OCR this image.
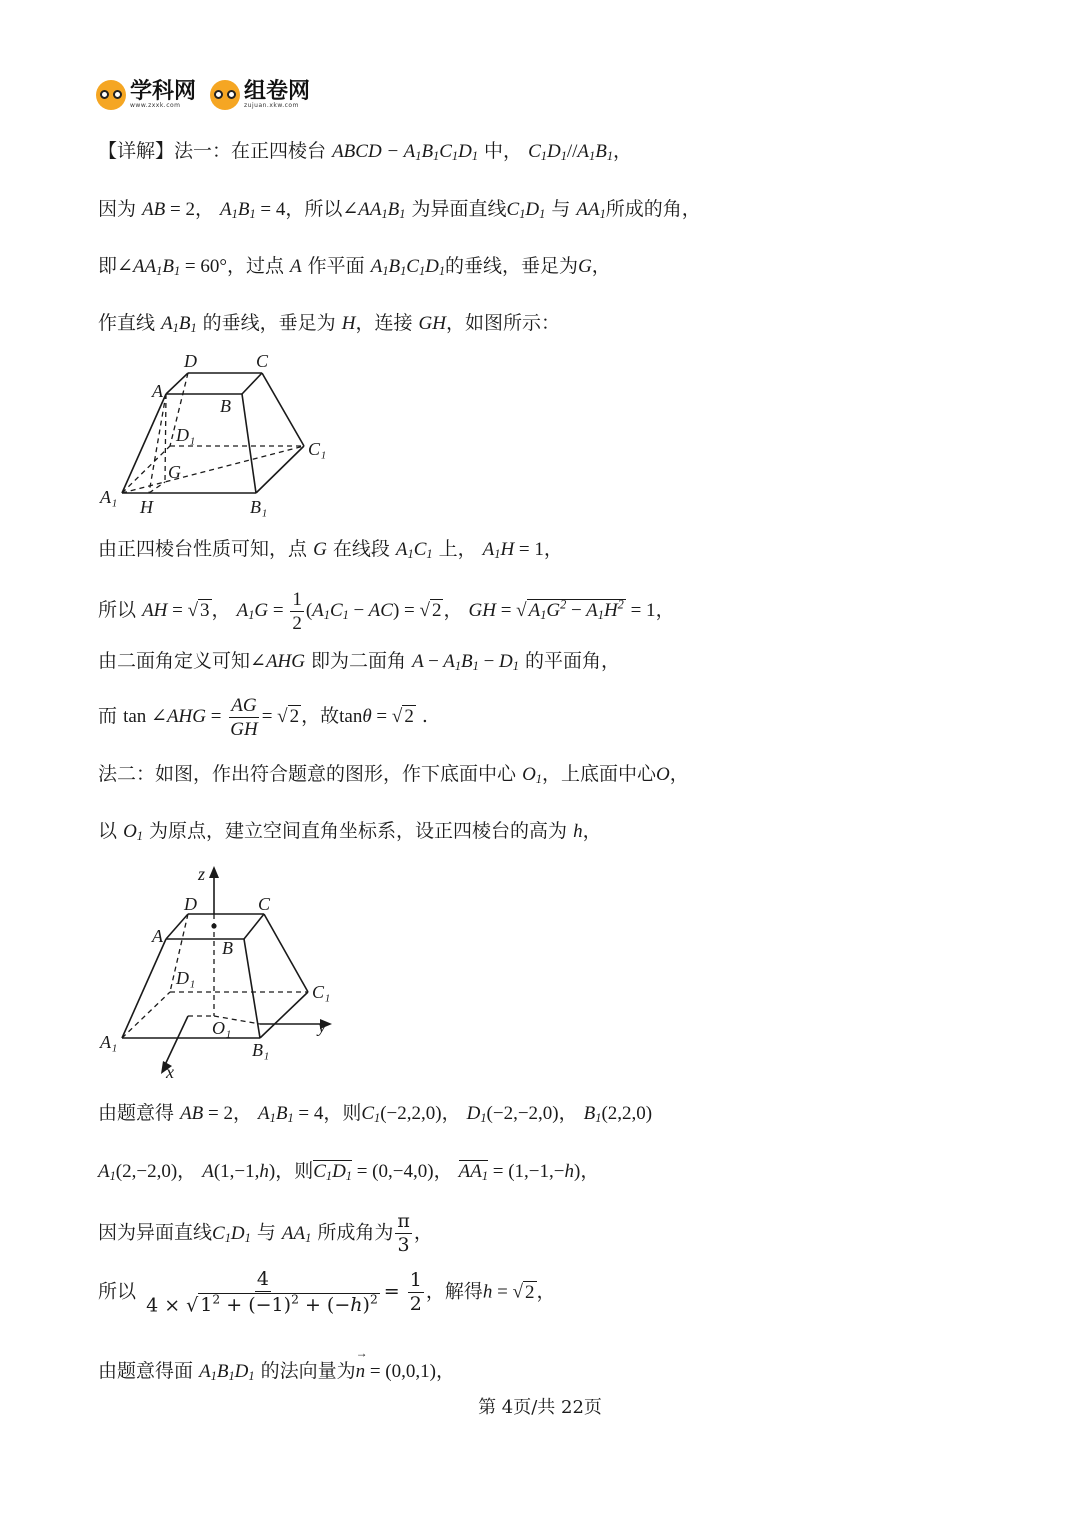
学科网
www.zxxk.com
组卷网
zujuan.xkw.com
【详解】法一：在正四棱台 ABCD − $A_1B_1C_1D_1$ 中， $C_1D_1//A_1B_1$，
因为 AB = 2， $A_1B_1 = 4$，所以$\angle AA_1B_1$ 为异面直线$C_1D_1$ 与 $AA_1$所成的角，
即$\angle AA_1B_1 = 60^\circ$，过点 A 作平面 $A_1B_1C_1D_1$的垂线，垂足为G，
作直线 $A_1B_1$ 的垂线，垂足为 H，连接 GH，如图所示：
D	C
A
B
D₁
C₁
G
A₁ H	B₁
由正四棱台性质可知，点 G 在线段 $A_1C_1$ 上， $A_1H = 1$，
所以 AH = √ 3 ， $A_1G = \frac{1}{2} (A_1C_1 - AC)$ = √ 2 ， GH = √ $A_1G^2 - A_1H^2 = 1$，
由二面角定义可知∠AHG 即为二面角 $A - A_1B_1 - D_1$ 的平面角，
而 tan ∠AHG = $\frac{AG}{GH}$ = √ 2 ，故tanθ = √ 2 .
法二：如图，作出符合题意的图形，作下底面中心 $O_1$，上底面中心O，
以 $O_1$ 为原点，建立空间直角坐标系，设正四棱台的高为 h，
z
D	C
A
B
D₁
C₁
O₁	y
A₁	B₁
x
由题意得 AB = 2， $A_1B_1 = 4$，则$C_1(-2,2,0)$， $D_1(-2,-2,0)$， $B_1(2,2,0)$
$A_1(2,-2,0)$， A(1,−1,h)，则$C_1D_1 = (0,-4,0)$， $AA_1 = (1,-1,-h)$，
因为异面直线$C_1D_1$ 与 $AA_1$ 所成角为 $\frac{\pi}{3}$ ，
所以 $\frac{4}{4 \times √ 1^2 + (-1)^2 + (-h)^2} = \frac{1}{2}$ ，解得h = √ 2 ，
由题意得面 $A_1B_1D_1$ 的法向量为→ n = (0,0,1)，
第 4页/共 22页
